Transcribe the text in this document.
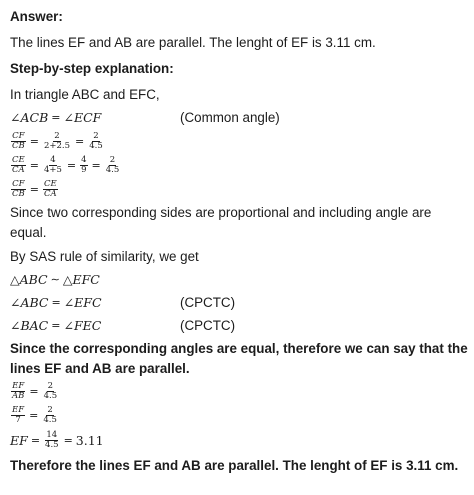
Answer:
The lines EF and AB are parallel. The lenght of EF is 3.11 cm.
Step-by-step explanation:
In triangle ABC and EFC,
∠ACB = ∠ECF	(Common angle)
$\frac{CF}{CB} = \frac{2}{2+2.5} = \frac{2}{4.5}$
$\frac{CE}{CA} = \frac{4}{4+5} = \frac{4}{9} = \frac{2}{4.5}$
$\frac{CF}{CB} = \frac{CE}{CA}$
Since two corresponding sides are proportional and including angle are
equal.
By SAS rule of similarity, we get
△ABC ∼ △EFC
∠ABC = ∠EFC	(CPCTC)
∠BAC = ∠FEC	(CPCTC)
Since the corresponding angles are equal, therefore we can say that the
lines EF and AB are parallel.
$\frac{EF}{AB} = \frac{2}{4.5}$
$\frac{EF}{7} = \frac{2}{4.5}$
EF = $\frac{14}{4.5} = 3.11$
Therefore the lines EF and AB are parallel. The lenght of EF is 3.11 cm.
